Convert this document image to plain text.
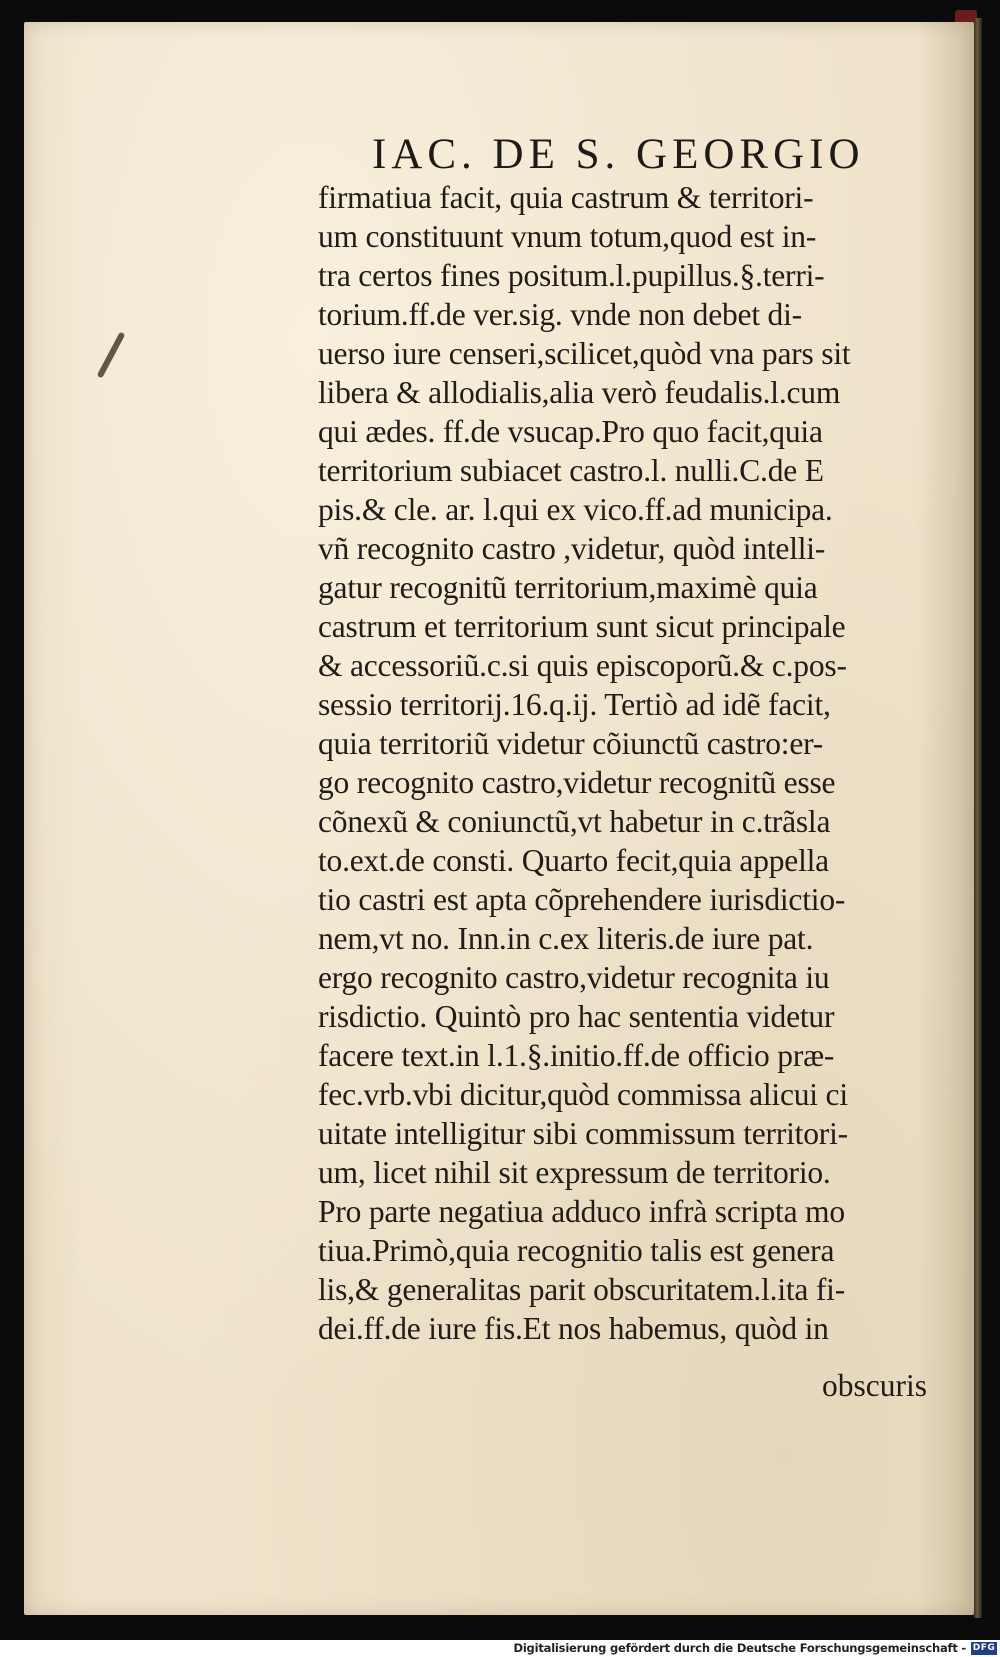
IAC. DE S. GEORGIO
firmatiua facit, quia castrum & territori-
um constituunt vnum totum,quod est in-
tra certos fines positum.l.pupillus.§.terri-
torium.ff.de ver.sig. vnde non debet di-
uerso iure censeri,scilicet,quòd vna pars sit
libera & allodialis,alia verò feudalis.l.cum
qui ædes. ff.de vsucap.Pro quo facit,quia
territorium subiacet castro.l. nulli.C.de E
pis.& cle. ar. l.qui ex vico.ff.ad municipa.
vñ recognito castro ,videtur, quòd intelli-
gatur recognitũ territorium,maximè quia
castrum et territorium sunt sicut principale
& accessoriũ.c.si quis episcoporũ.& c.pos-
sessio territorij.16.q.ij. Tertiò ad idẽ facit,
quia territoriũ videtur cõiunctũ castro:er-
go recognito castro,videtur recognitũ esse
cõnexũ & coniunctũ,vt habetur in c.trãsla
to.ext.de consti. Quarto fecit,quia appella
tio castri est apta cõprehendere iurisdictio-
nem,vt no. Inn.in c.ex literis.de iure pat.
ergo recognito castro,videtur recognita iu
risdictio. Quintò pro hac sententia videtur
facere text.in l.1.§.initio.ff.de officio præ-
fec.vrb.vbi dicitur,quòd commissa alicui ci
uitate intelligitur sibi commissum territori-
um, licet nihil sit expressum de territorio.
Pro parte negatiua adduco infrà scripta mo
tiua.Primò,quia recognitio talis est genera
lis,& generalitas parit obscuritatem.l.ita fi-
dei.ff.de iure fis.Et nos habemus, quòd in
obscuris
Digitalisierung gefördert durch die Deutsche Forschungsgemeinschaft - DFG
